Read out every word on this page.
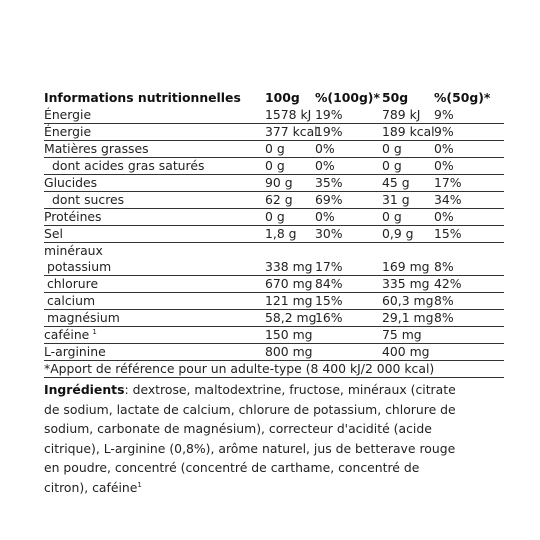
Informations nutritionnelles	100g	%(100g)*	50g	%(50g)*
Énergie	1578 kJ	19%	789 kJ	9%
Énergie	377 kcal	19%	189 kcal	9%
Matières grasses	0 g	0%	0 g	0%
dont acides gras saturés	0 g	0%	0 g	0%
Glucides	90 g	35%	45 g	17%
dont sucres	62 g	69%	31 g	34%
Protéines	0 g	0%	0 g	0%
Sel	1,8 g	30%	0,9 g	15%
minéraux				
potassium	338 mg	17%	169 mg	8%
chlorure	670 mg	84%	335 mg	42%
calcium	121 mg	15%	60,3 mg	8%
magnésium	58,2 mg	16%	29,1 mg	8%
caféine $^1$	150 mg		75 mg	
L-arginine	800 mg		400 mg	
*Apport de référence pour un adulte-type (8 400 kJ/2 000 kcal)
Ingrédients: dextrose, maltodextrine, fructose, minéraux (citrate de sodium, lactate de calcium, chlorure de potassium, chlorure de sodium, carbonate de magnésium), correcteur d'acidité (acide citrique), L-arginine (0,8%), arôme naturel, jus de betterave rouge en poudre, concentré (concentré de carthame, concentré de citron), caféine$^1$
